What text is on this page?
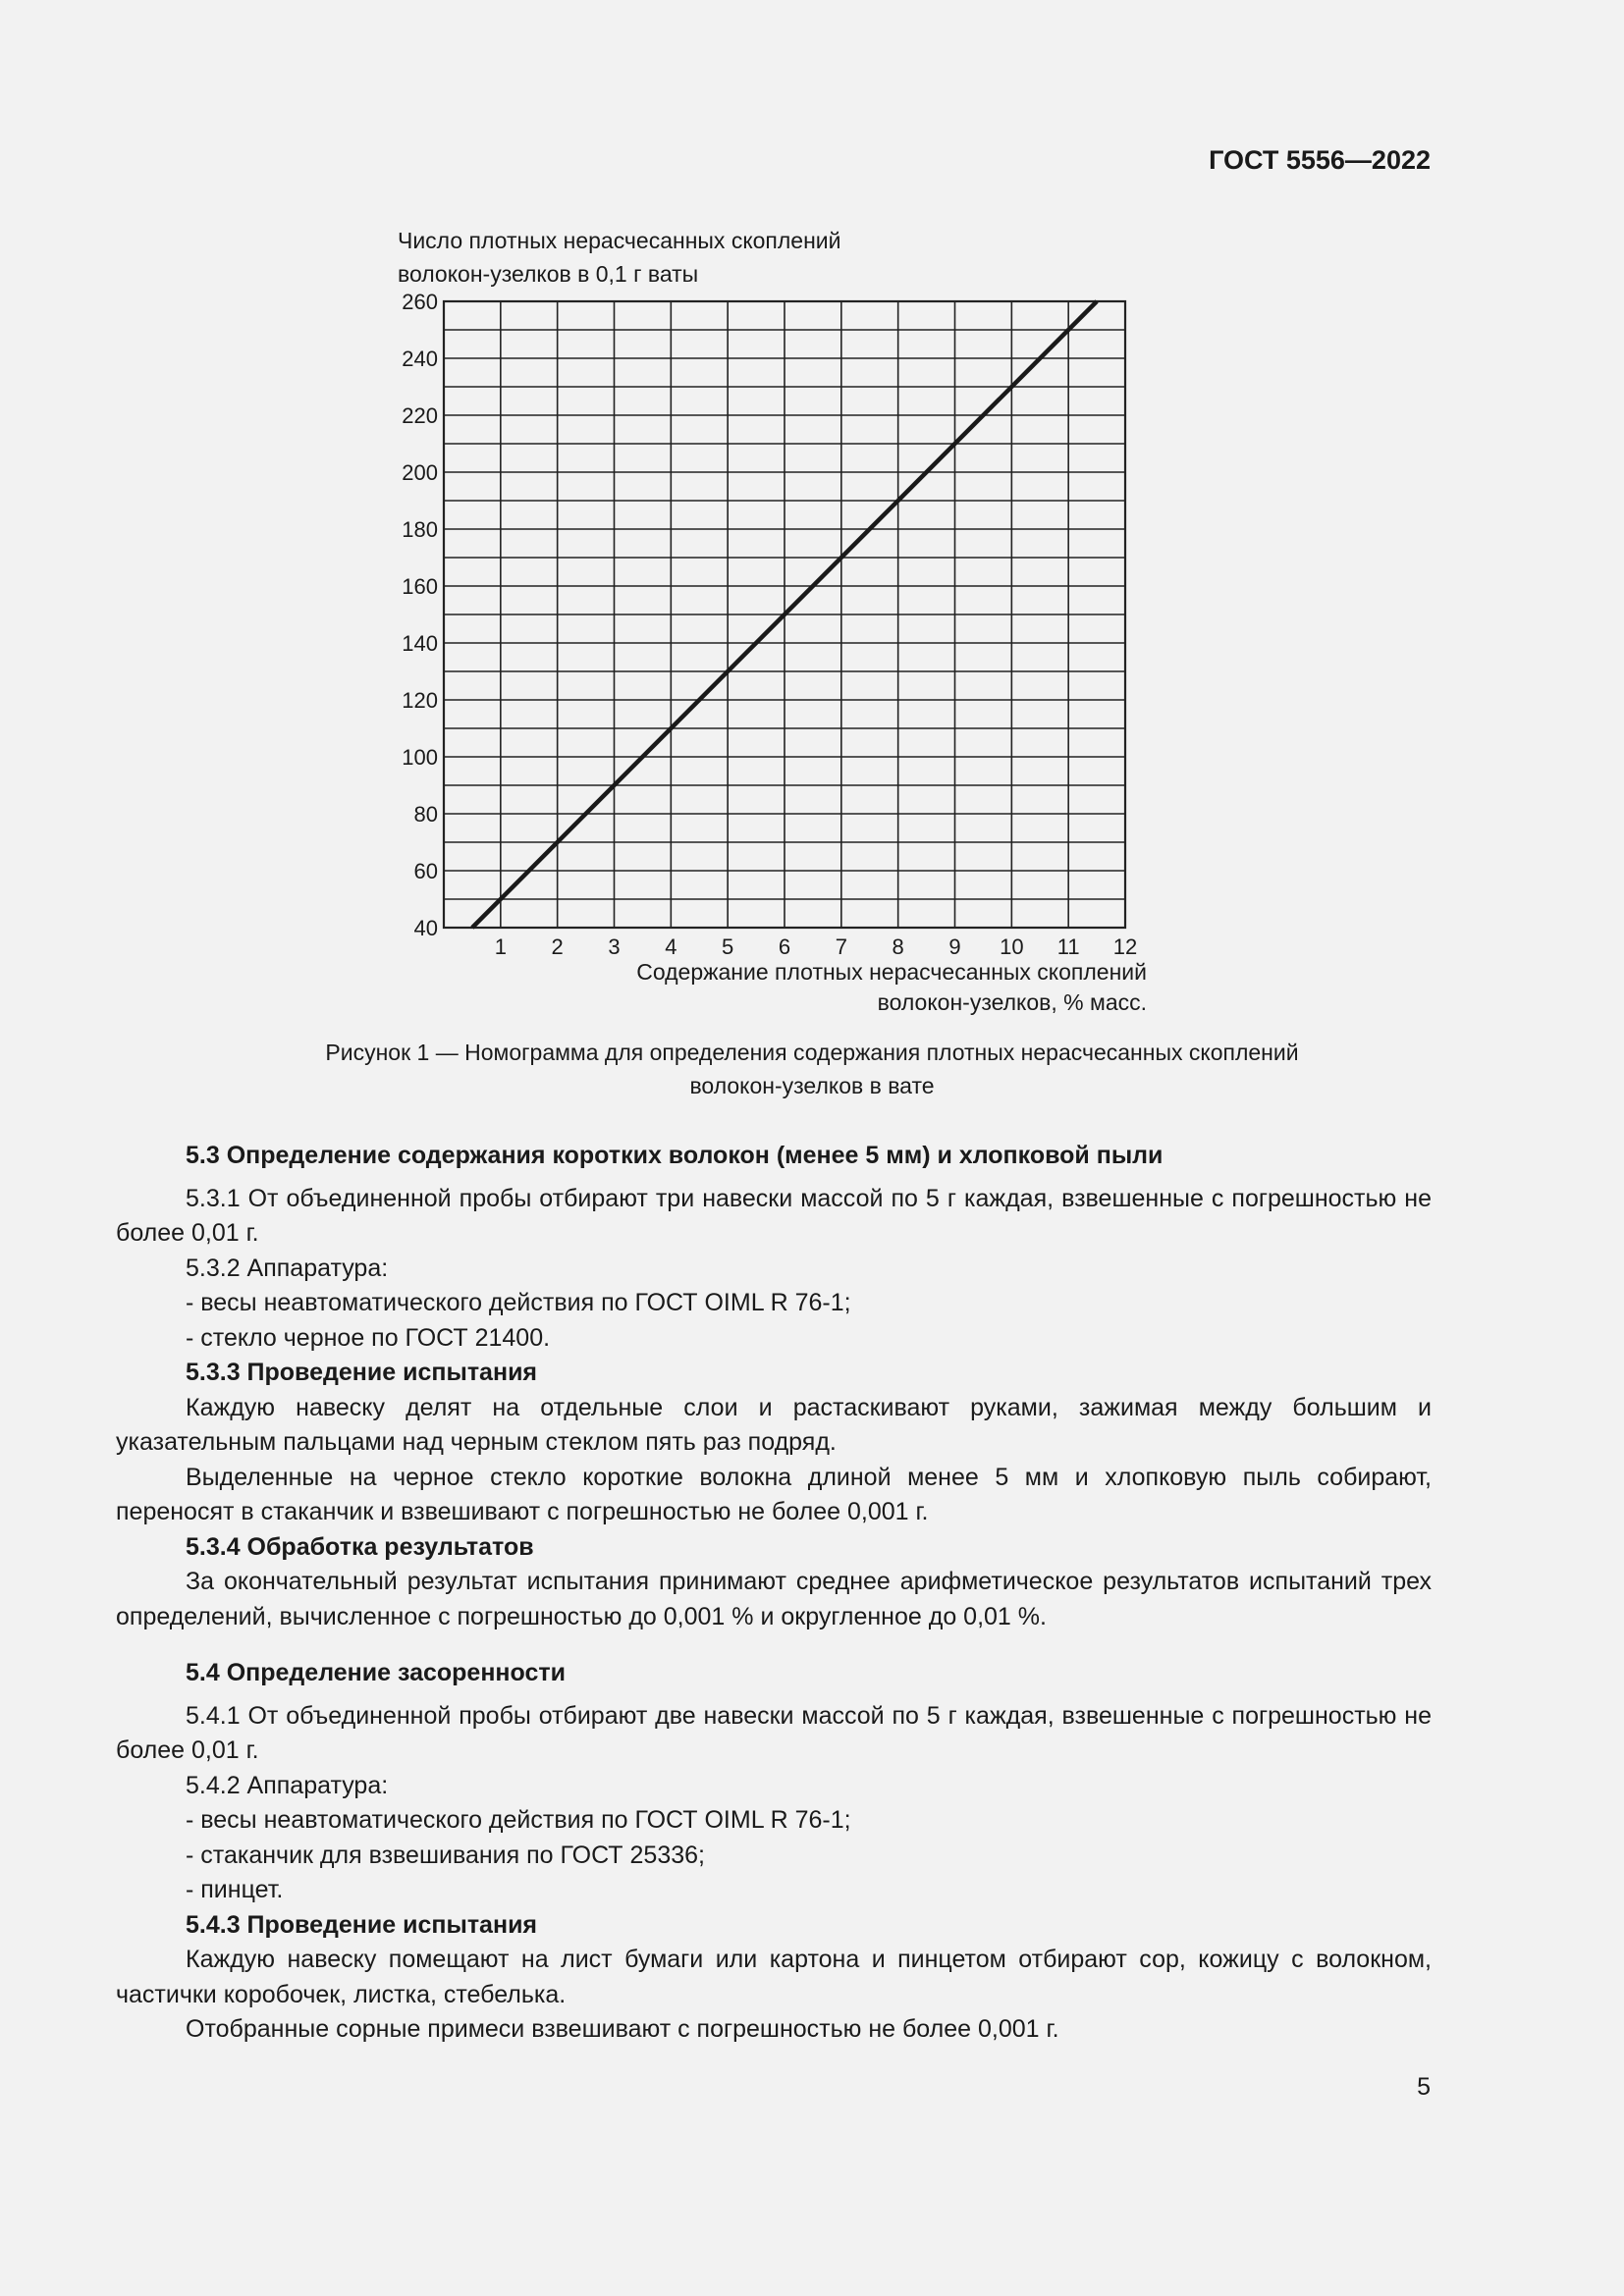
ГОСТ 5556—2022
Число плотных нерасчесанных скоплений
волокон-узелков в 0,1 г ваты
40
60
80
100
120
140
160
180
200
220
240
260
1 2 3 4 5 6 7 8 9 10 11 12
Содержание плотных нерасчесанных скоплений
волокон-узелков, % масс.
Рисунок 1 — Номограмма для определения содержания плотных нерасчесанных скоплений
волокон-узелков в вате
5.3 Определение содержания коротких волокон (менее 5 мм) и хлопковой пыли

5.3.1 От объединенной пробы отбирают три навески массой по 5 г каждая, взвешенные с погрешностью не более 0,01 г.

5.3.2 Аппаратура:

- весы неавтоматического действия по ГОСТ OIML R 76-1;

- стекло черное по ГОСТ 21400.

5.3.3 Проведение испытания

Каждую навеску делят на отдельные слои и растаскивают руками, зажимая между большим и указательным пальцами над черным стеклом пять раз подряд.

Выделенные на черное стекло короткие волокна длиной менее 5 мм и хлопковую пыль собирают, переносят в стаканчик и взвешивают с погрешностью не более 0,001 г.

5.3.4 Обработка результатов

За окончательный результат испытания принимают среднее арифметическое результатов испытаний трех определений, вычисленное с погрешностью до 0,001 % и округленное до 0,01 %.

5.4 Определение засоренности

5.4.1 От объединенной пробы отбирают две навески массой по 5 г каждая, взвешенные с погрешностью не более 0,01 г.

5.4.2 Аппаратура:

- весы неавтоматического действия по ГОСТ OIML R 76-1;

- стаканчик для взвешивания по ГОСТ 25336;

- пинцет.

5.4.3 Проведение испытания

Каждую навеску помещают на лист бумаги или картона и пинцетом отбирают сор, кожицу с волокном, частички коробочек, листка, стебелька.

Отобранные сорные примеси взвешивают с погрешностью не более 0,001 г.

5
